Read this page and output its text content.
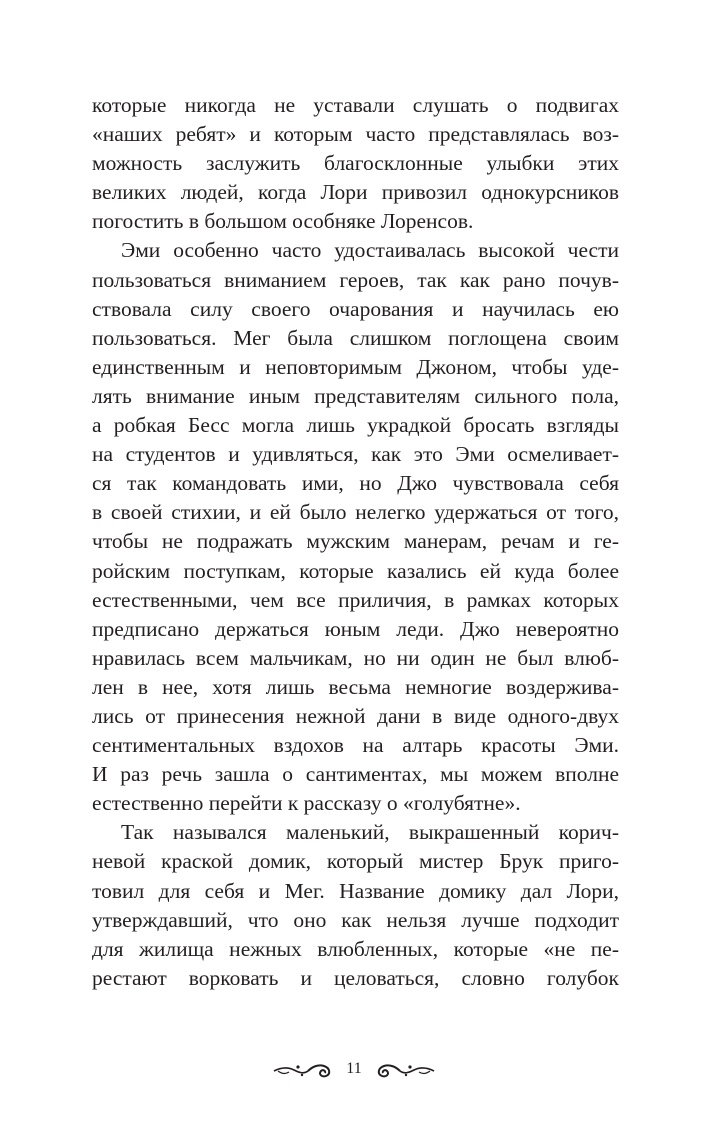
которые никогда не уставали слушать о подвигах
«наших ребят» и которым часто представлялась воз-
можность заслужить благосклонные улыбки этих
великих людей, когда Лори привозил однокурсников
погостить в большом особняке Лоренсов.
Эми особенно часто удостаивалась высокой чести
пользоваться вниманием героев, так как рано почув-
ствовала силу своего очарования и научилась ею
пользоваться. Мег была слишком поглощена своим
единственным и неповторимым Джоном, чтобы уде-
лять внимание иным представителям сильного пола,
а робкая Бесс могла лишь украдкой бросать взгляды
на студентов и удивляться, как это Эми осмеливает-
ся так командовать ими, но Джо чувствовала себя
в своей стихии, и ей было нелегко удержаться от того,
чтобы не подражать мужским манерам, речам и ге-
ройским поступкам, которые казались ей куда более
естественными, чем все приличия, в рамках которых
предписано держаться юным леди. Джо невероятно
нравилась всем мальчикам, но ни один не был влюб-
лен в нее, хотя лишь весьма немногие воздержива-
лись от принесения нежной дани в виде одного-двух
сентиментальных вздохов на алтарь красоты Эми.
И раз речь зашла о сантиментах, мы можем вполне
естественно перейти к рассказу о «голубятне».
Так назывался маленький, выкрашенный корич-
невой краской домик, который мистер Брук приго-
товил для себя и Мег. Название домику дал Лори,
утверждавший, что оно как нельзя лучше подходит
для жилища нежных влюбленных, которые «не пе-
рестают ворковать и целоваться, словно голубок
11
